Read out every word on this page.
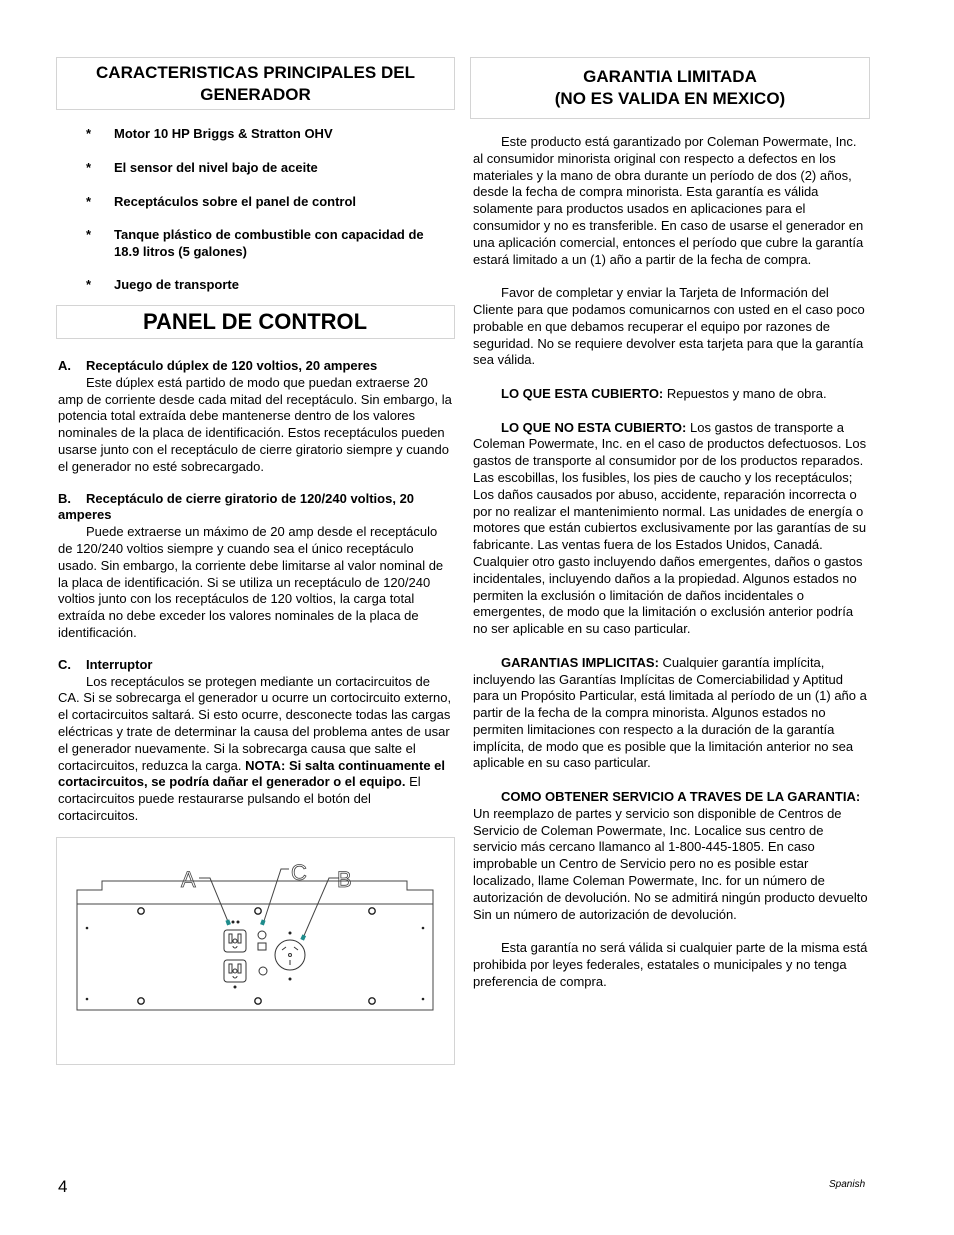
CARACTERISTICAS PRINCIPALES DEL
GENERADOR
* Motor 10 HP Briggs & Stratton OHV
* El sensor del nivel bajo de aceite
* Receptáculos sobre el panel de control
* Tanque plástico de combustible con capacidad de 18.9 litros (5 galones)
* Juego de transporte
PANEL DE CONTROL

A. Receptáculo dúplex de 120 voltios, 20 amperes

Este dúplex está partido de modo que puedan extraerse 20 amp de corriente desde cada mitad del receptáculo. Sin embargo, la potencia total extraída debe mantenerse dentro de los valores nominales de la placa de identificación. Estos receptáculos pueden usarse junto con el receptáculo de cierre giratorio siempre y cuando el generador no esté sobrecargado.

B. Receptáculo de cierre giratorio de 120/240 voltios, 20 amperes

Puede extraerse un máximo de 20 amp desde el receptáculo de 120/240 voltios siempre y cuando sea el único receptáculo usado. Sin embargo, la corriente debe limitarse al valor nominal de la placa de identificación. Si se utiliza un receptáculo de 120/240 voltios junto con los receptáculos de 120 voltios, la carga total extraída no debe exceder los valores nominales de la placa de identificación.

C. Interruptor

Los receptáculos se protegen mediante un cortacircuitos de CA. Si se sobrecarga el generador u ocurre un cortocircuito externo, el cortacircuitos saltará. Si esto ocurre, desconecte todas las cargas eléctricas y trate de determinar la causa del problema antes de usar el generador nuevamente. Si la sobrecarga causa que salte el cortacircuitos, reduzca la carga. NOTA: Si salta continuamente el cortacircuitos, se podría dañar el generador o el equipo. El cortacircuitos puede restaurarse pulsando el botón del cortacircuitos.

A	C B
GARANTIA LIMITADA
(NO ES VALIDA EN MEXICO)

Este producto está garantizado por Coleman Powermate, Inc. al consumidor minorista original con respecto a defectos en los materiales y la mano de obra durante un período de dos (2) años, desde la fecha de compra minorista. Esta garantía es válida solamente para productos usados en aplicaciones para el consumidor y no es transferible. En caso de usarse el generador en una aplicación comercial, entonces el período que cubre la garantía estará limitado a un (1) año a partir de la fecha de compra.

Favor de completar y enviar la Tarjeta de Información del Cliente para que podamos comunicarnos con usted en el caso poco probable en que debamos recuperar el equipo por razones de seguridad. No se requiere devolver esta tarjeta para que la garantía sea válida.

LO QUE ESTA CUBIERTO: Repuestos y mano de obra.

LO QUE NO ESTA CUBIERTO: Los gastos de transporte a Coleman Powermate, Inc. en el caso de productos defectuosos. Los gastos de transporte al consumidor por de los productos reparados. Las escobillas, los fusibles, los pies de caucho y los receptáculos; Los daños causados por abuso, accidente, reparación incorrecta o por no realizar el mantenimiento normal. Las unidades de energía o motores que están cubiertos exclusivamente por las garantías de su fabricante. Las ventas fuera de los Estados Unidos, Canadá. Cualquier otro gasto incluyendo daños emergentes, daños o gastos incidentales, incluyendo daños a la propiedad. Algunos estados no permiten la exclusión o limitación de daños incidentales o emergentes, de modo que la limitación o exclusión anterior podría no ser aplicable en su caso particular.

GARANTIAS IMPLICITAS: Cualquier garantía implícita, incluyendo las Garantías Implícitas de Comerciabilidad y Aptitud para un Propósito Particular, está limitada al período de un (1) año a partir de la fecha de la compra minorista. Algunos estados no permiten limitaciones con respecto a la duración de la garantía implícita, de modo que es posible que la limitación anterior no sea aplicable en su caso particular.

COMO OBTENER SERVICIO A TRAVES DE LA GARANTIA: Un reemplazo de partes y servicio son disponible de Centros de Servicio de Coleman Powermate, Inc. Localice sus centro de servicio más cercano llamanco al 1-800-445-1805. En caso improbable un Centro de Servicio pero no es posible estar localizado, llame Coleman Powermate, Inc. for un número de autorización de devolución. No se admitirá ningún producto devuelto Sin un número de autorización de devolución.

Esta garantía no será válida si cualquier parte de la misma está prohibida por leyes federales, estatales o municipales y no tenga preferencia de compra.

4	Spanish
